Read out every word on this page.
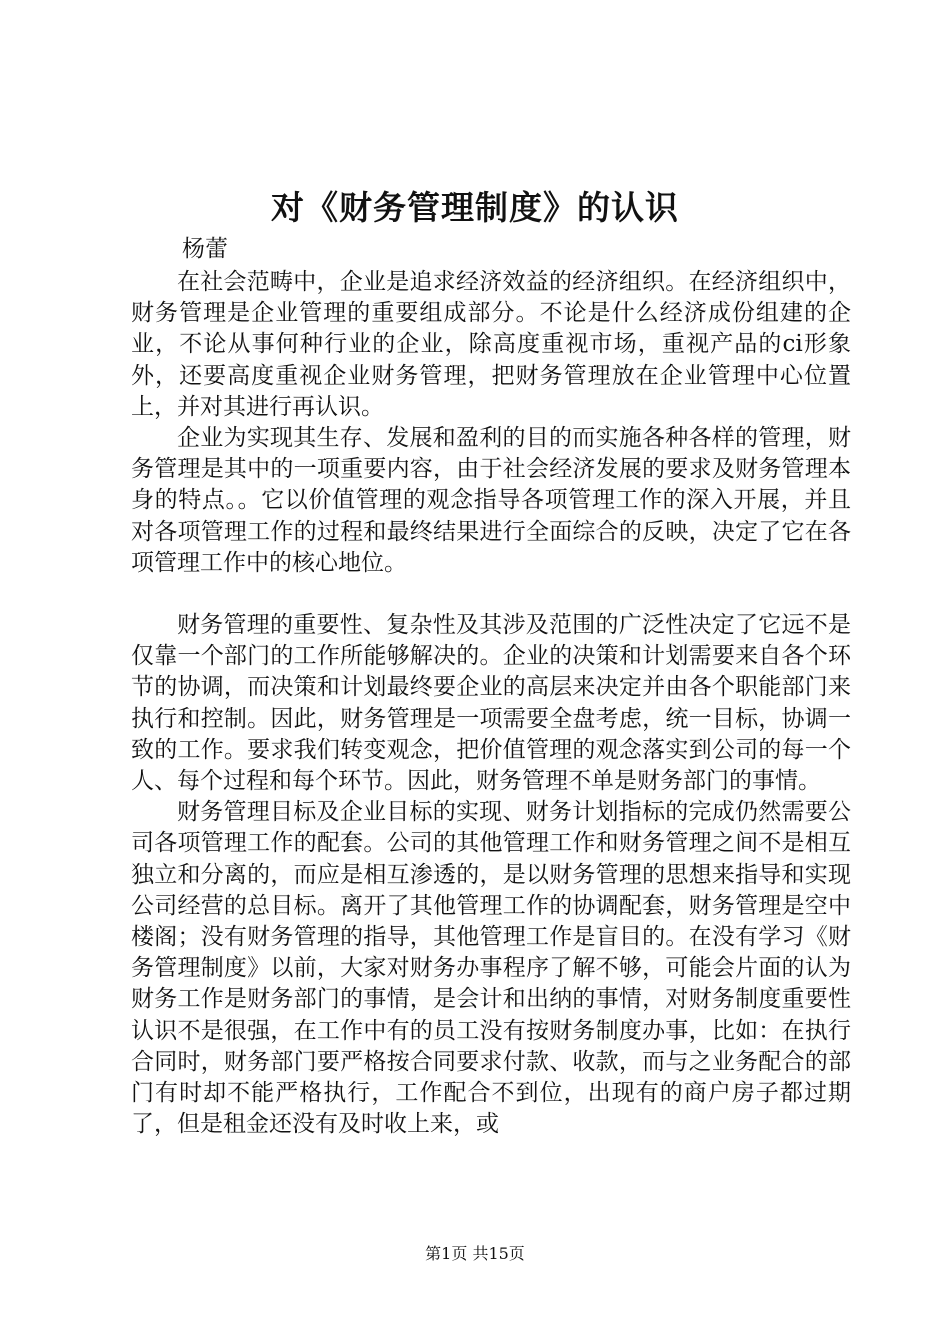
对《财务管理制度》的认识

杨蕾

在社会范畴中，企业是追求经济效益的经济组织。在经济组织中，财务管理是企业管理的重要组成部分。不论是什么经济成份组建的企业，不论从事何种行业的企业，除高度重视市场，重视产品的ci形象外，还要高度重视企业财务管理，把财务管理放在企业管理中心位置上，并对其进行再认识。

企业为实现其生存、发展和盈利的目的而实施各种各样的管理，财务管理是其中的一项重要内容，由于社会经济发展的要求及财务管理本身的特点。。它以价值管理的观念指导各项管理工作的深入开展，并且对各项管理工作的过程和最终结果进行全面综合的反映，决定了它在各项管理工作中的核心地位。

财务管理的重要性、复杂性及其涉及范围的广泛性决定了它远不是仅靠一个部门的工作所能够解决的。企业的决策和计划需要来自各个环节的协调，而决策和计划最终要企业的高层来决定并由各个职能部门来执行和控制。因此，财务管理是一项需要全盘考虑，统一目标，协调一致的工作。要求我们转变观念，把价值管理的观念落实到公司的每一个人、每个过程和每个环节。因此，财务管理不单是财务部门的事情。

财务管理目标及企业目标的实现、财务计划指标的完成仍然需要公司各项管理工作的配套。公司的其他管理工作和财务管理之间不是相互独立和分离的，而应是相互渗透的，是以财务管理的思想来指导和实现公司经营的总目标。离开了其他管理工作的协调配套，财务管理是空中楼阁；没有财务管理的指导，其他管理工作是盲目的。在没有学习《财务管理制度》以前，大家对财务办事程序了解不够，可能会片面的认为财务工作是财务部门的事情，是会计和出纳的事情，对财务制度重要性认识不是很强，在工作中有的员工没有按财务制度办事，比如：在执行合同时，财务部门要严格按合同要求付款、收款，而与之业务配合的部门有时却不能严格执行，工作配合不到位，出现有的商户房子都过期了，但是租金还没有及时收上来，或

第1页 共15页
